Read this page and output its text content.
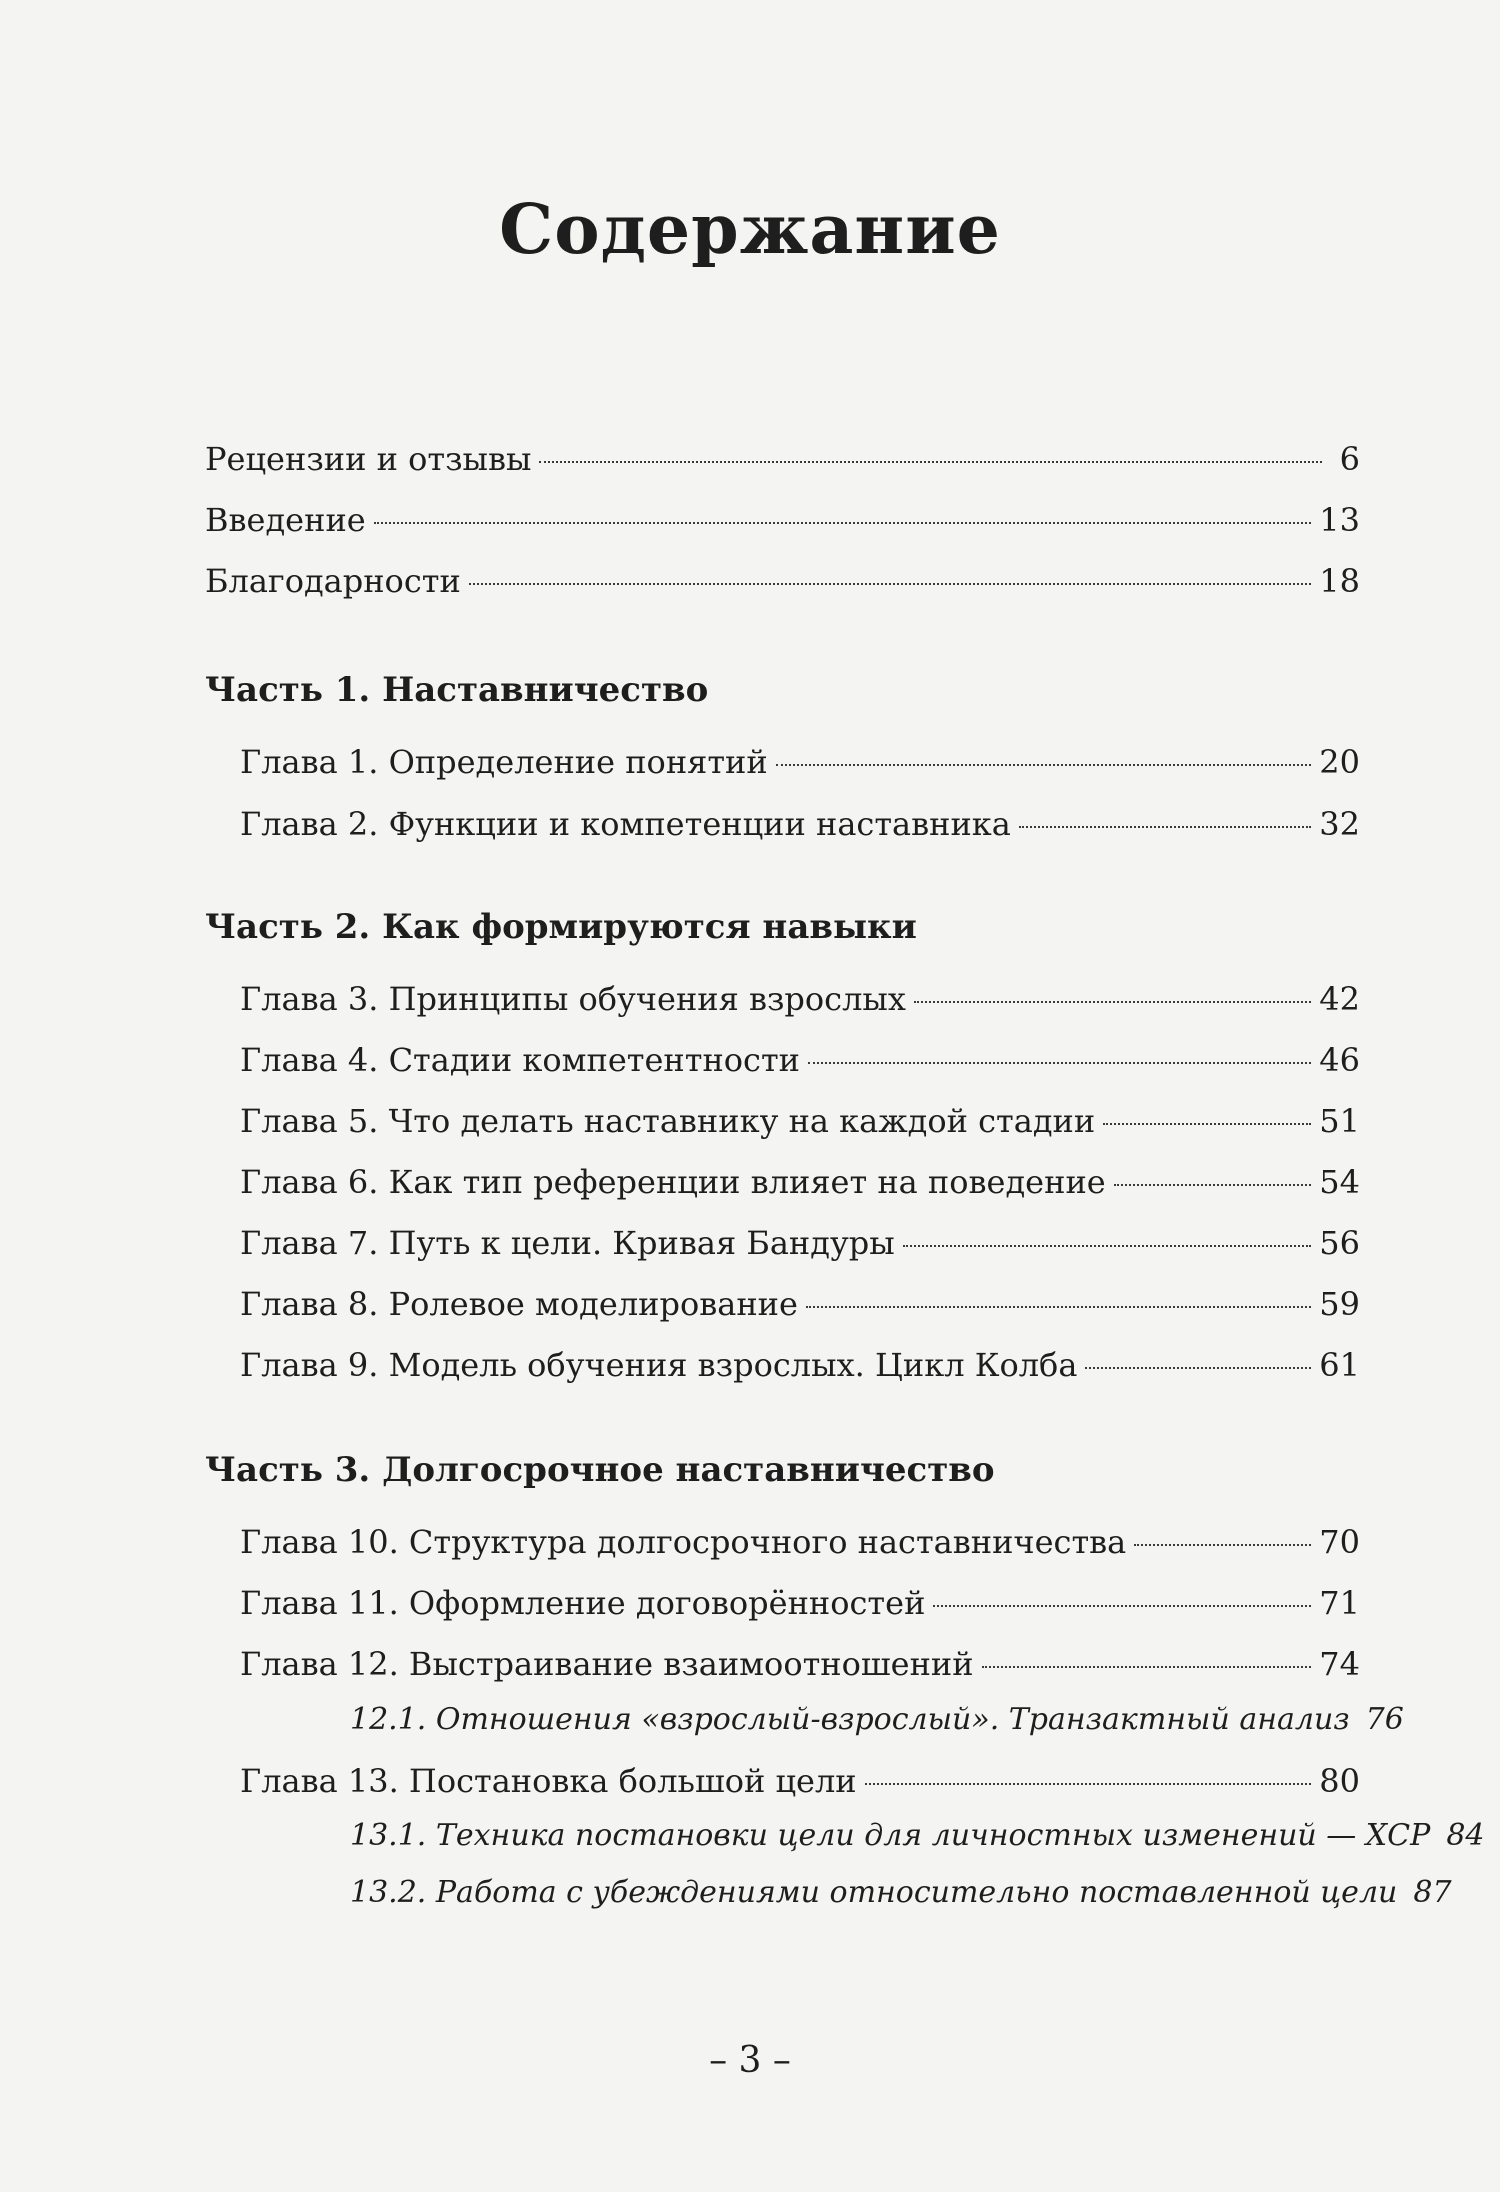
Содержание
Рецензии и отзывы	6
Введение	13
Благодарности	18
Часть 1. Наставничество
Глава 1. Определение понятий	20
Глава 2. Функции и компетенции наставника	32
Часть 2. Как формируются навыки
Глава 3. Принципы обучения взрослых	42
Глава 4. Стадии компетентности	46
Глава 5. Что делать наставнику на каждой стадии	51
Глава 6. Как тип референции влияет на поведение	54
Глава 7. Путь к цели. Кривая Бандуры	56
Глава 8. Ролевое моделирование	59
Глава 9. Модель обучения взрослых. Цикл Колба	61
Часть 3. Долгосрочное наставничество
Глава 10. Структура долгосрочного наставничества	70
Глава 11. Оформление договорённостей	71
Глава 12. Выстраивание взаимоотношений	74
12.1. Отношения «взрослый-взрослый». Транзактный анализ 76
Глава 13. Постановка большой цели	80
13.1. Техника постановки цели для личностных изменений — ХСР 84
13.2. Работа с убеждениями относительно поставленной цели 87
– 3 –
